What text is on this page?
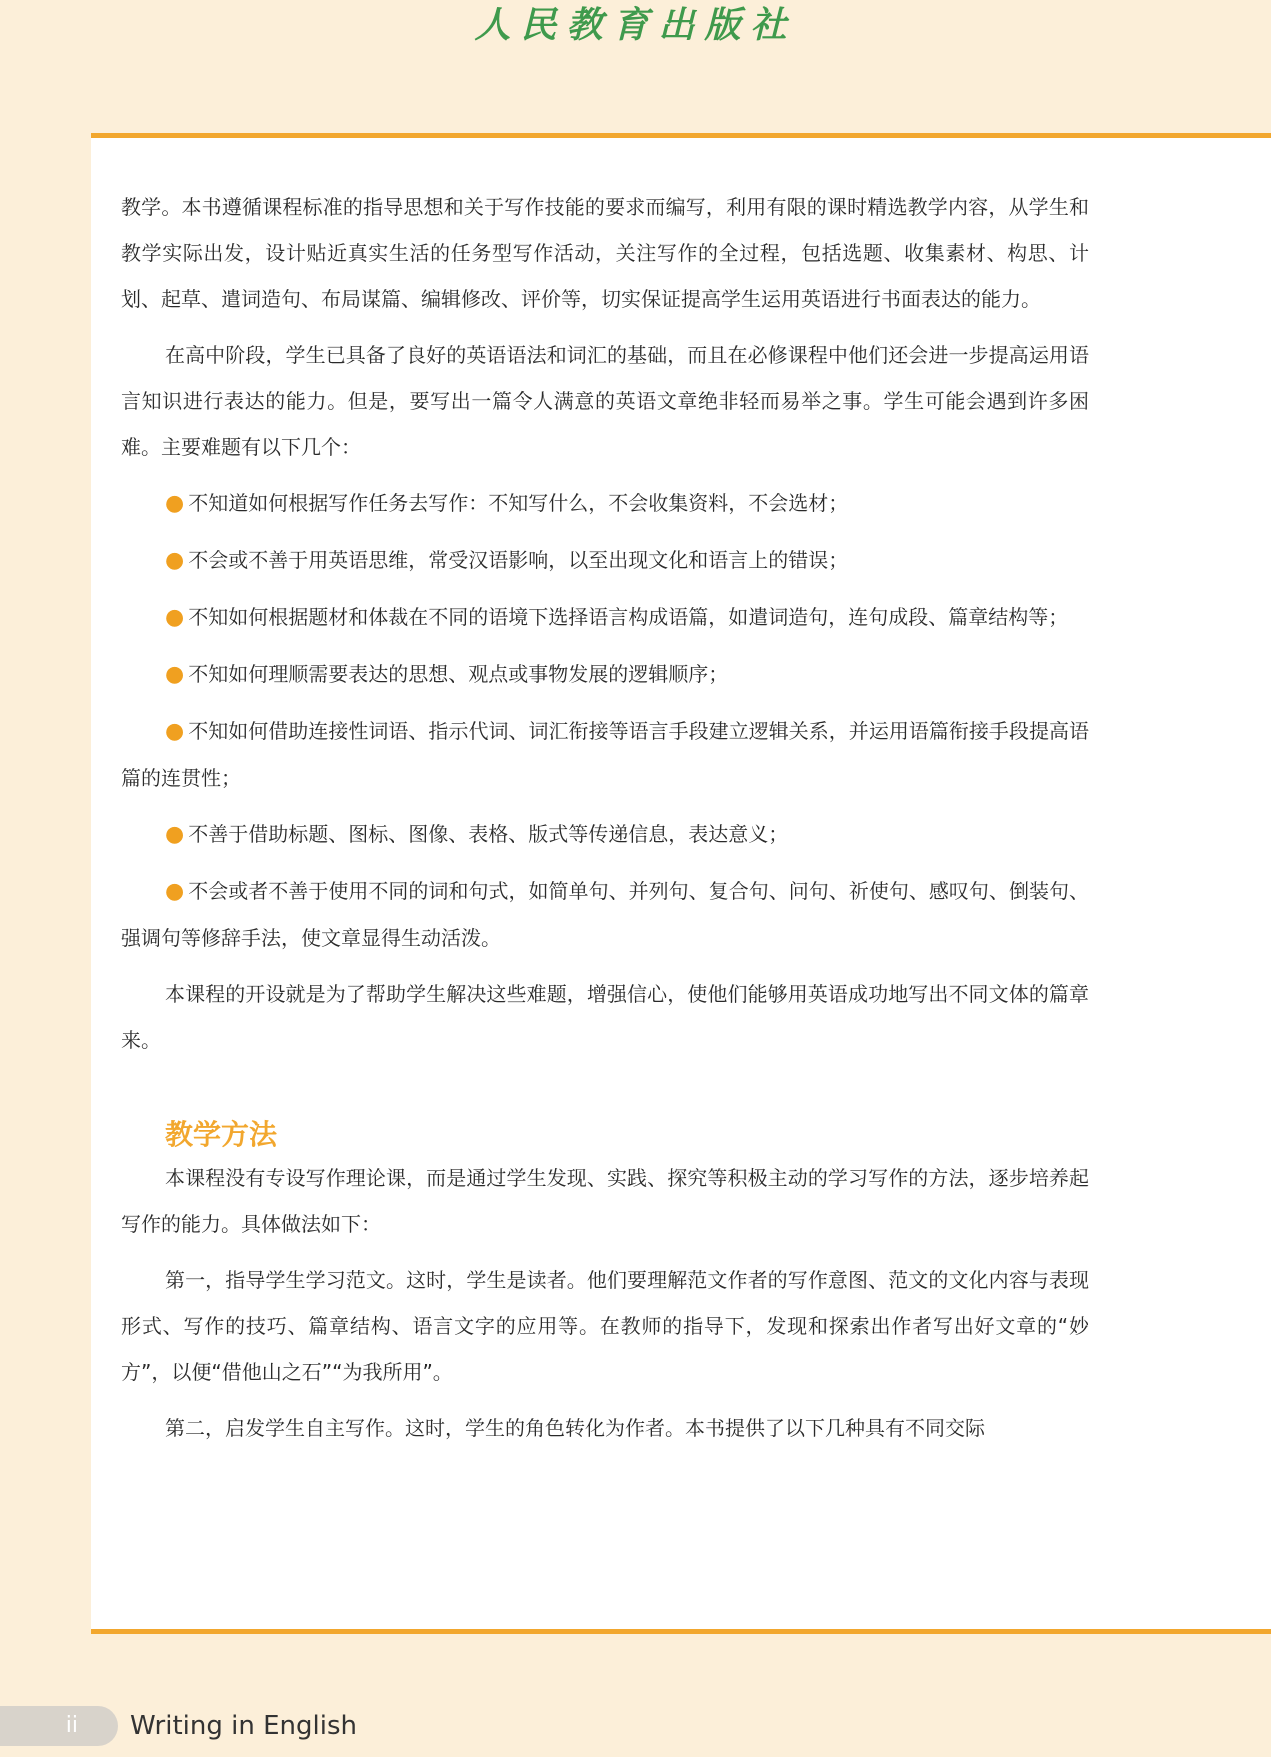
人民教育出版社

教学。本书遵循课程标准的指导思想和关于写作技能的要求而编写，利用有限的课时精选教学内容，从学生和教学实际出发，设计贴近真实生活的任务型写作活动，关注写作的全过程，包括选题、收集素材、构思、计划、起草、遣词造句、布局谋篇、编辑修改、评价等，切实保证提高学生运用英语进行书面表达的能力。

在高中阶段，学生已具备了良好的英语语法和词汇的基础，而且在必修课程中他们还会进一步提高运用语言知识进行表达的能力。但是，要写出一篇令人满意的英语文章绝非轻而易举之事。学生可能会遇到许多困难。主要难题有以下几个：

● 不知道如何根据写作任务去写作：不知写什么，不会收集资料，不会选材；

● 不会或不善于用英语思维，常受汉语影响，以至出现文化和语言上的错误；

● 不知如何根据题材和体裁在不同的语境下选择语言构成语篇，如遣词造句，连句成段、篇章结构等；

● 不知如何理顺需要表达的思想、观点或事物发展的逻辑顺序；

● 不知如何借助连接性词语、指示代词、词汇衔接等语言手段建立逻辑关系，并运用语篇衔接手段提高语篇的连贯性；

● 不善于借助标题、图标、图像、表格、版式等传递信息，表达意义；

● 不会或者不善于使用不同的词和句式，如简单句、并列句、复合句、问句、祈使句、感叹句、倒装句、强调句等修辞手法，使文章显得生动活泼。

本课程的开设就是为了帮助学生解决这些难题，增强信心，使他们能够用英语成功地写出不同文体的篇章来。

教学方法

本课程没有专设写作理论课，而是通过学生发现、实践、探究等积极主动的学习写作的方法，逐步培养起写作的能力。具体做法如下：

第一，指导学生学习范文。这时，学生是读者。他们要理解范文作者的写作意图、范文的文化内容与表现形式、写作的技巧、篇章结构、语言文字的应用等。在教师的指导下，发现和探索出作者写出好文章的“妙方”，以便“借他山之石”“为我所用”。

第二，启发学生自主写作。这时，学生的角色转化为作者。本书提供了以下几种具有不同交际

ii	Writing in English
